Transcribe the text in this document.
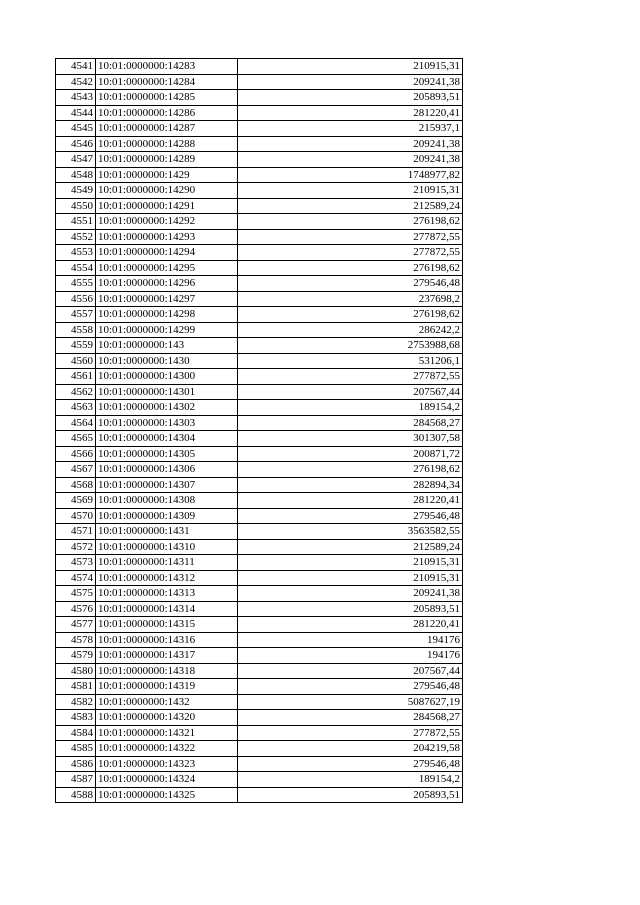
4541	10:01:0000000:14283	210915,31
4542	10:01:0000000:14284	209241,38
4543	10:01:0000000:14285	205893,51
4544	10:01:0000000:14286	281220,41
4545	10:01:0000000:14287	215937,1
4546	10:01:0000000:14288	209241,38
4547	10:01:0000000:14289	209241,38
4548	10:01:0000000:1429	1748977,82
4549	10:01:0000000:14290	210915,31
4550	10:01:0000000:14291	212589,24
4551	10:01:0000000:14292	276198,62
4552	10:01:0000000:14293	277872,55
4553	10:01:0000000:14294	277872,55
4554	10:01:0000000:14295	276198,62
4555	10:01:0000000:14296	279546,48
4556	10:01:0000000:14297	237698,2
4557	10:01:0000000:14298	276198,62
4558	10:01:0000000:14299	286242,2
4559	10:01:0000000:143	2753988,68
4560	10:01:0000000:1430	531206,1
4561	10:01:0000000:14300	277872,55
4562	10:01:0000000:14301	207567,44
4563	10:01:0000000:14302	189154,2
4564	10:01:0000000:14303	284568,27
4565	10:01:0000000:14304	301307,58
4566	10:01:0000000:14305	200871,72
4567	10:01:0000000:14306	276198,62
4568	10:01:0000000:14307	282894,34
4569	10:01:0000000:14308	281220,41
4570	10:01:0000000:14309	279546,48
4571	10:01:0000000:1431	3563582,55
4572	10:01:0000000:14310	212589,24
4573	10:01:0000000:14311	210915,31
4574	10:01:0000000:14312	210915,31
4575	10:01:0000000:14313	209241,38
4576	10:01:0000000:14314	205893,51
4577	10:01:0000000:14315	281220,41
4578	10:01:0000000:14316	194176
4579	10:01:0000000:14317	194176
4580	10:01:0000000:14318	207567,44
4581	10:01:0000000:14319	279546,48
4582	10:01:0000000:1432	5087627,19
4583	10:01:0000000:14320	284568,27
4584	10:01:0000000:14321	277872,55
4585	10:01:0000000:14322	204219,58
4586	10:01:0000000:14323	279546,48
4587	10:01:0000000:14324	189154,2
4588	10:01:0000000:14325	205893,51
